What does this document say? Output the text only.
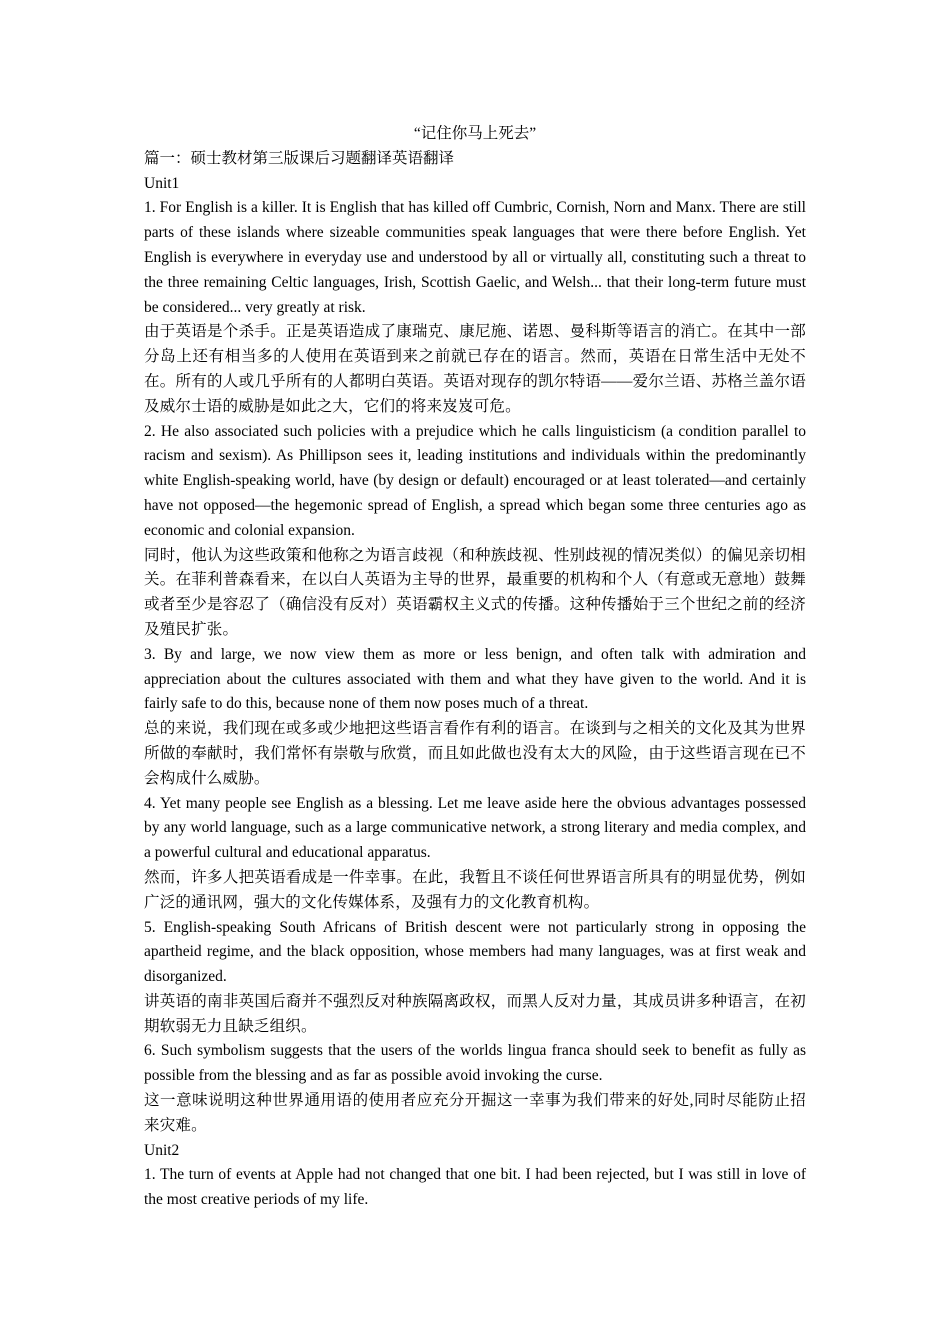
“记住你马上死去”

篇一：硕士教材第三版课后习题翻译英语翻译

Unit1

1. For English is a killer. It is English that has killed off Cumbric, Cornish, Norn and Manx. There are still parts of these islands where sizeable communities speak languages that were there before English. Yet English is everywhere in everyday use and understood by all or virtually all, constituting such a threat to the three remaining Celtic languages, Irish, Scottish Gaelic, and Welsh... that their long-term future must be considered... very greatly at risk.

由于英语是个杀手。正是英语造成了康瑞克、康尼施、诺恩、曼科斯等语言的消亡。在其中一部分岛上还有相当多的人使用在英语到来之前就已存在的语言。然而，英语在日常生活中无处不在。所有的人或几乎所有的人都明白英语。英语对现存的凯尔特语——爱尔兰语、苏格兰盖尔语及威尔士语的威胁是如此之大，它们的将来岌岌可危。

2. He also associated such policies with a prejudice which he calls linguisticism (a condition parallel to racism and sexism). As Phillipson sees it, leading institutions and individuals within the predominantly white English-speaking world, have (by design or default) encouraged or at least tolerated—and certainly have not opposed—the hegemonic spread of English, a spread which began some three centuries ago as economic and colonial expansion.

同时，他认为这些政策和他称之为语言歧视（和种族歧视、性别歧视的情况类似）的偏见亲切相关。在菲利普森看来，在以白人英语为主导的世界，最重要的机构和个人（有意或无意地）鼓舞或者至少是容忍了（确信没有反对）英语霸权主义式的传播。这种传播始于三个世纪之前的经济及殖民扩张。

3. By and large, we now view them as more or less benign, and often talk with admiration and appreciation about the cultures associated with them and what they have given to the world. And it is fairly safe to do this, because none of them now poses much of a threat.

总的来说，我们现在或多或少地把这些语言看作有利的语言。在谈到与之相关的文化及其为世界所做的奉献时，我们常怀有崇敬与欣赏，而且如此做也没有太大的风险，由于这些语言现在已不会构成什么威胁。

4. Yet many people see English as a blessing. Let me leave aside here the obvious advantages possessed by any world language, such as a large communicative network, a strong literary and media complex, and a powerful cultural and educational apparatus.

然而，许多人把英语看成是一件幸事。在此，我暂且不谈任何世界语言所具有的明显优势，例如广泛的通讯网，强大的文化传媒体系，及强有力的文化教育机构。

5. English-speaking South Africans of British descent were not particularly strong in opposing the apartheid regime, and the black opposition, whose members had many languages, was at first weak and disorganized.

讲英语的南非英国后裔并不强烈反对种族隔离政权，而黑人反对力量，其成员讲多种语言，在初期软弱无力且缺乏组织。

6. Such symbolism suggests that the users of the worlds lingua franca should seek to benefit as fully as possible from the blessing and as far as possible avoid invoking the curse.

这一意味说明这种世界通用语的使用者应充分开掘这一幸事为我们带来的好处,同时尽能防止招来灾难。

Unit2

1. The turn of events at Apple had not changed that one bit. I had been rejected, but I was still in love of the most creative periods of my life.
